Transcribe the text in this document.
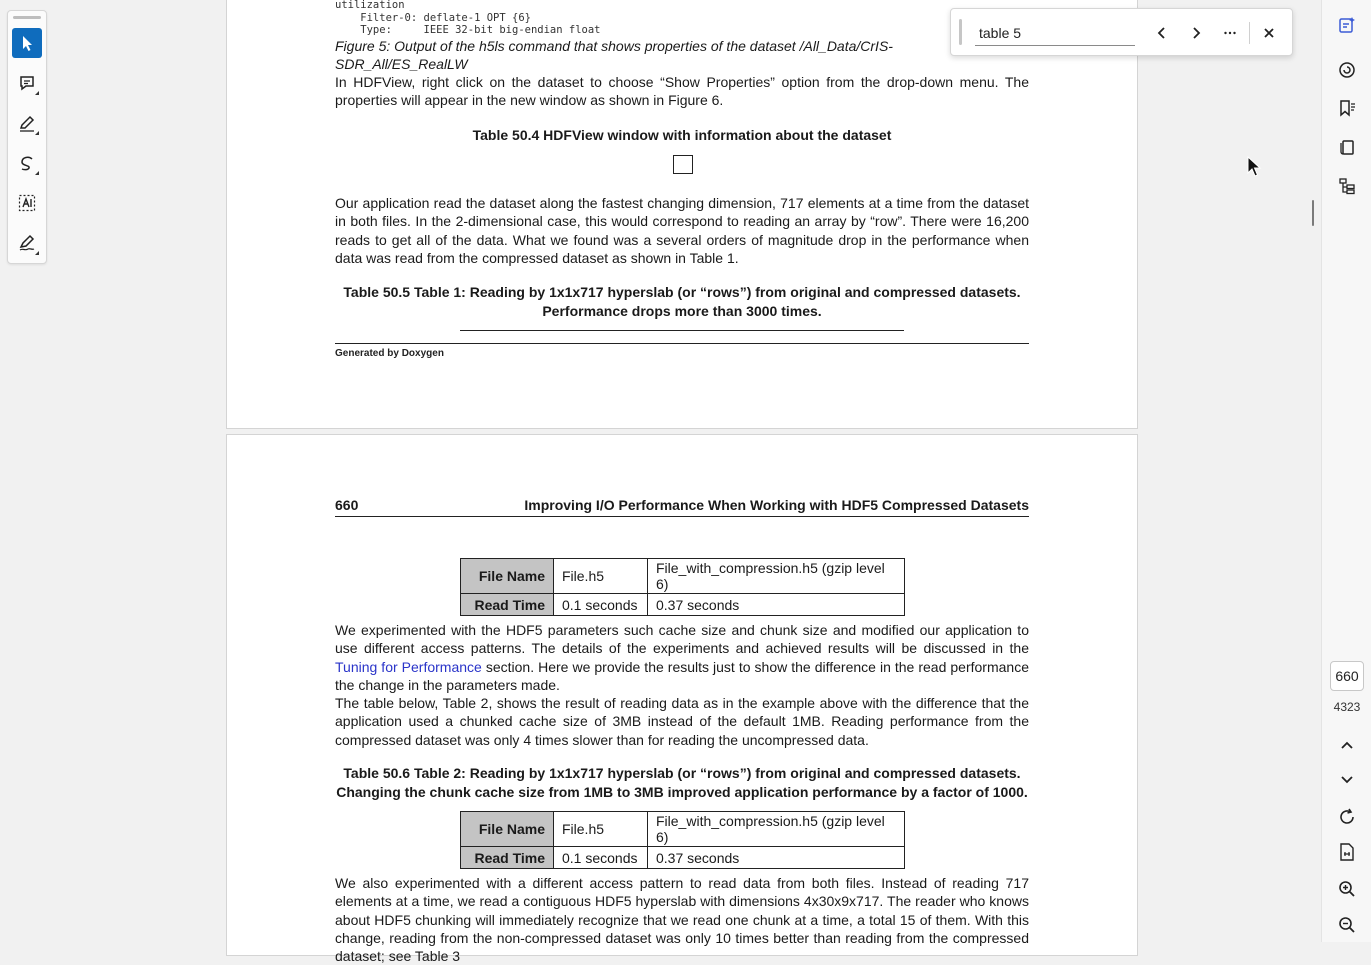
utilization
Filter-0: deflate-1 OPT {6}
Type:     IEEE 32-bit big-endian float
Figure 5: Output of the h5ls command that shows properties of the dataset /All_Data/CrIS-SDR_All/ES_RealLW
In HDFView, right click on the dataset to choose “Show Properties” option from the drop-down menu. The properties will appear in the new window as shown in Figure 6.
Table 50.4 HDFView window with information about the dataset
Our application read the dataset along the fastest changing dimension, 717 elements at a time from the dataset in both files. In the 2-dimensional case, this would correspond to reading an array by “row”. There were 16,200 reads to get all of the data. What we found was a several orders of magnitude drop in the performance when data was read from the compressed dataset as shown in Table 1.
Table 50.5 Table 1: Reading by 1x1x717 hyperslab (or “rows”) from original and compressed datasets.
Performance drops more than 3000 times.
Generated by Doxygen
660	Improving I/O Performance When Working with HDF5 Compressed Datasets
File Name	File.h5	File_with_compression.h5 (gzip level 6)
Read Time	0.1 seconds	0.37 seconds
We experimented with the HDF5 parameters such cache size and chunk size and modified our application to use different access patterns. The details of the experiments and achieved results will be discussed in the Tuning for Performance section. Here we provide the results just to show the difference in the read performance the change in the parameters made.
The table below, Table 2, shows the result of reading data as in the example above with the difference that the application used a chunked cache size of 3MB instead of the default 1MB. Reading performance from the compressed dataset was only 4 times slower than for reading the uncompressed data.
Table 50.6 Table 2: Reading by 1x1x717 hyperslab (or “rows”) from original and compressed datasets.
Changing the chunk cache size from 1MB to 3MB improved application performance by a factor of 1000.
File Name	File.h5	File_with_compression.h5 (gzip level 6)
Read Time	0.1 seconds	0.37 seconds
We also experimented with a different access pattern to read data from both files. Instead of reading 717 elements at a time, we read a contiguous HDF5 hyperslab with dimensions 4x30x9x717. The reader who knows about HDF5 chunking will immediately recognize that we read one chunk at a time, a total 15 of them. With this change, reading from the non-compressed dataset was only 10 times better than reading from the compressed dataset; see Table 3
table 5
660
4323
